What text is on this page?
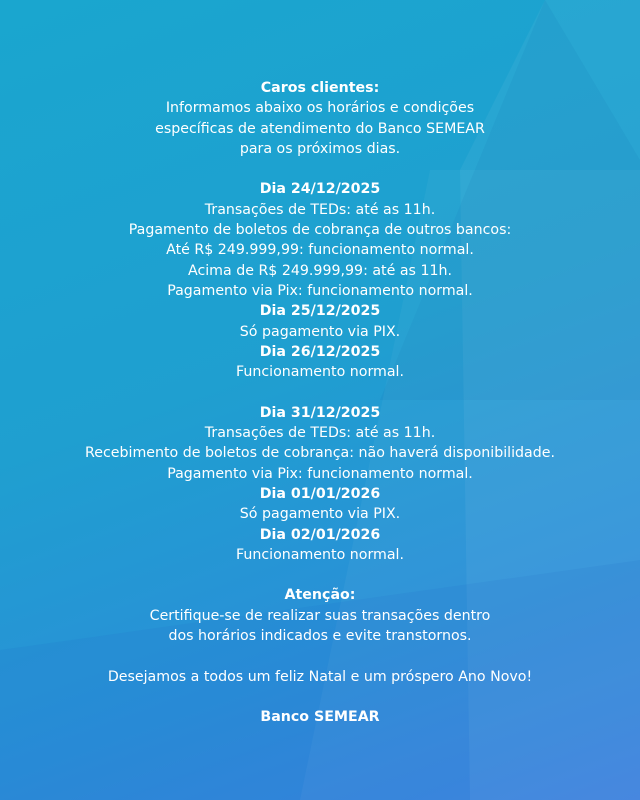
Caros clientes:
Informamos abaixo os horários e condições
específicas de atendimento do Banco SEMEAR
para os próximos dias.
Dia 24/12/2025
Transações de TEDs: até as 11h.
Pagamento de boletos de cobrança de outros bancos:
Até R$ 249.999,99: funcionamento normal.
Acima de R$ 249.999,99: até as 11h.
Pagamento via Pix: funcionamento normal.
Dia 25/12/2025
Só pagamento via PIX.
Dia 26/12/2025
Funcionamento normal.
Dia 31/12/2025
Transações de TEDs: até as 11h.
Recebimento de boletos de cobrança: não haverá disponibilidade.
Pagamento via Pix: funcionamento normal.
Dia 01/01/2026
Só pagamento via PIX.
Dia 02/01/2026
Funcionamento normal.
Atenção:
Certifique-se de realizar suas transações dentro
dos horários indicados e evite transtornos.
Desejamos a todos um feliz Natal e um próspero Ano Novo!
Banco SEMEAR
